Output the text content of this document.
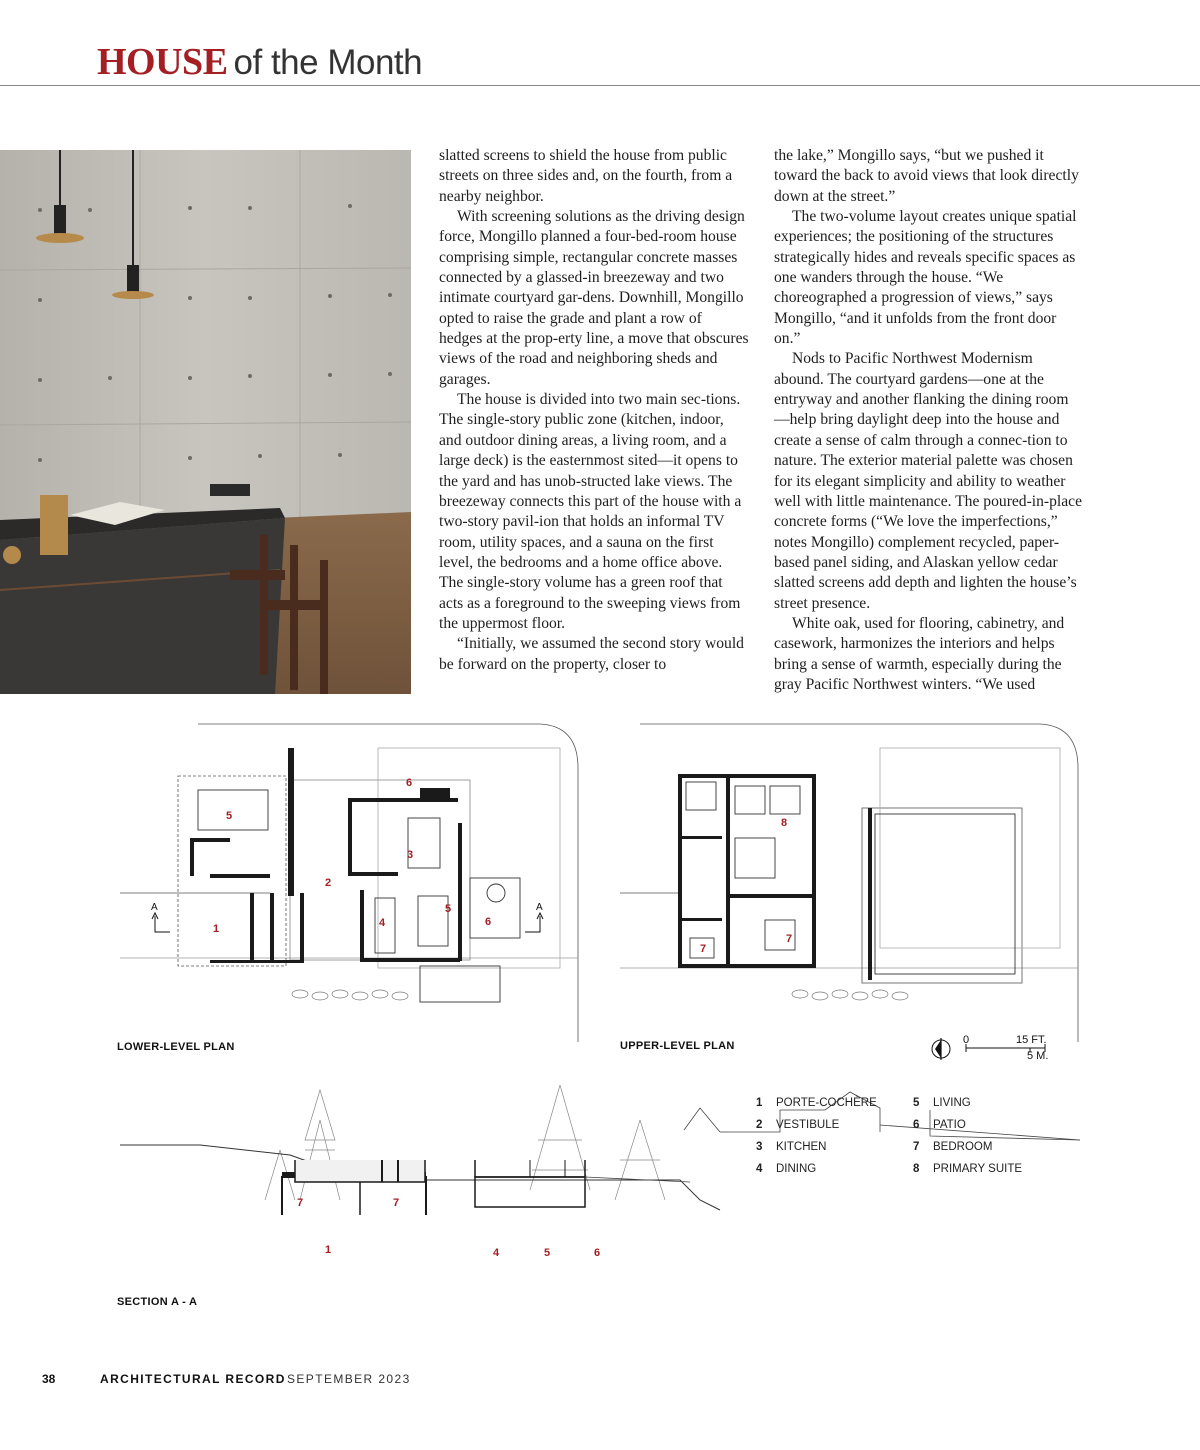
HOUSE of the Month

slatted screens to shield the house from public streets on three sides and, on the fourth, from a nearby neighbor.

With screening solutions as the driving design force, Mongillo planned a four-bed-room house comprising simple, rectangular concrete masses connected by a glassed-in breezeway and two intimate courtyard gar-dens. Downhill, Mongillo opted to raise the grade and plant a row of hedges at the prop-erty line, a move that obscures views of the road and neighboring sheds and garages.

The house is divided into two main sec-tions. The single-story public zone (kitchen, indoor, and outdoor dining areas, a living room, and a large deck) is the easternmost sited—it opens to the yard and has unob-structed lake views. The breezeway connects this part of the house with a two-story pavil-ion that holds an informal TV room, utility spaces, and a sauna on the first level, the bedrooms and a home office above. The single-story volume has a green roof that acts as a foreground to the sweeping views from the uppermost floor.

“Initially, we assumed the second story would be forward on the property, closer to

the lake,” Mongillo says, “but we pushed it toward the back to avoid views that look directly down at the street.”

The two-volume layout creates unique spatial experiences; the positioning of the structures strategically hides and reveals specific spaces as one wanders through the house. “We choreographed a progression of views,” says Mongillo, “and it unfolds from the front door on.”

Nods to Pacific Northwest Modernism abound. The courtyard gardens—one at the entryway and another flanking the dining room—help bring daylight deep into the house and create a sense of calm through a connec-tion to nature. The exterior material palette was chosen for its elegant simplicity and ability to weather well with little maintenance. The poured-in-place concrete forms (“We love the imperfections,” notes Mongillo) complement recycled, paper-based panel siding, and Alaskan yellow cedar slatted screens add depth and lighten the house’s street presence.

White oak, used for flooring, cabinetry, and casework, harmonizes the interiors and helps bring a sense of warmth, especially during the gray Pacific Northwest winters. “We used

A	A
1
2
3
4
5
5
6
6
8
7
7
LOWER-LEVEL PLAN	UPPER-LEVEL PLAN	0	15 FT.
5 M.
7	7
1	4	5	6
SECTION A - A
1 PORTE-COCHÈRE
2 VESTIBULE
3 KITCHEN
4 DINING
5 LIVING
6 PATIO
7 BEDROOM
8 PRIMARY SUITE
38	ARCHITECTURAL RECORD SEPTEMBER 2023
